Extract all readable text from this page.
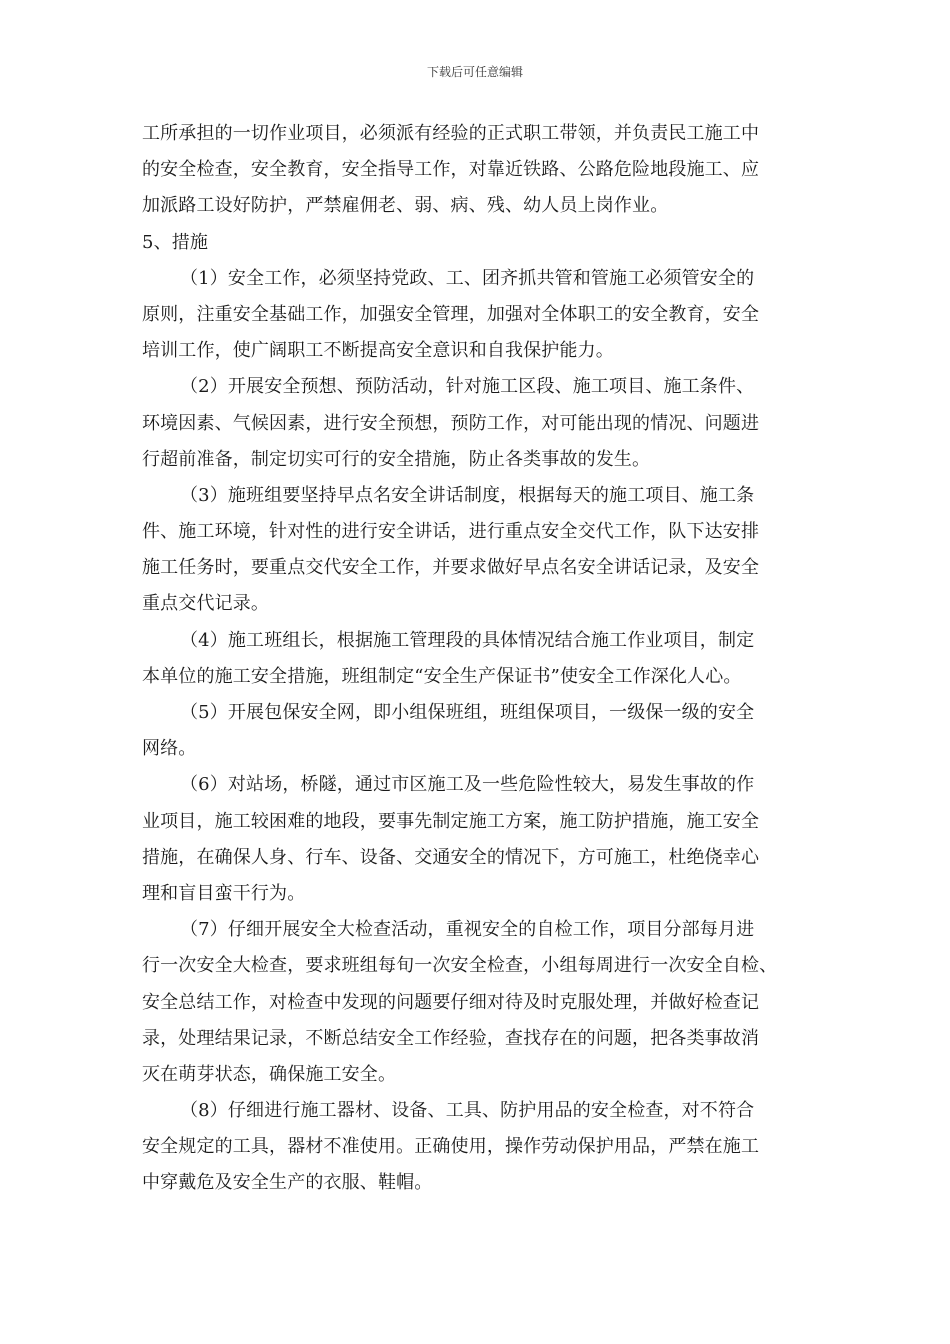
下载后可任意编辑
工所承担的一切作业项目，必须派有经验的正式职工带领，并负责民工施工中
的安全检查，安全教育，安全指导工作，对靠近铁路、公路危险地段施工、应
加派路工设好防护，严禁雇佣老、弱、病、残、幼人员上岗作业。
5、措施
（1）安全工作，必须坚持党政、工、团齐抓共管和管施工必须管安全的
原则，注重安全基础工作，加强安全管理，加强对全体职工的安全教育，安全
培训工作，使广阔职工不断提高安全意识和自我保护能力。
（2）开展安全预想、预防活动，针对施工区段、施工项目、施工条件、
环境因素、气候因素，进行安全预想，预防工作，对可能出现的情况、问题进
行超前准备，制定切实可行的安全措施，防止各类事故的发生。
（3）施班组要坚持早点名安全讲话制度，根据每天的施工项目、施工条
件、施工环境，针对性的进行安全讲话，进行重点安全交代工作，队下达安排
施工任务时，要重点交代安全工作，并要求做好早点名安全讲话记录，及安全
重点交代记录。
（4）施工班组长，根据施工管理段的具体情况结合施工作业项目，制定
本单位的施工安全措施，班组制定“安全生产保证书”使安全工作深化人心。
（5）开展包保安全网，即小组保班组，班组保项目，一级保一级的安全
网络。
（6）对站场，桥隧，通过市区施工及一些危险性较大，易发生事故的作
业项目，施工较困难的地段，要事先制定施工方案，施工防护措施，施工安全
措施，在确保人身、行车、设备、交通安全的情况下，方可施工，杜绝侥幸心
理和盲目蛮干行为。
（7）仔细开展安全大检查活动，重视安全的自检工作，项目分部每月进
行一次安全大检查，要求班组每旬一次安全检查，小组每周进行一次安全自检、
安全总结工作，对检查中发现的问题要仔细对待及时克服处理，并做好检查记
录，处理结果记录，不断总结安全工作经验，查找存在的问题，把各类事故消
灭在萌芽状态，确保施工安全。
（8）仔细进行施工器材、设备、工具、防护用品的安全检查，对不符合
安全规定的工具，器材不准使用。正确使用，操作劳动保护用品，严禁在施工
中穿戴危及安全生产的衣服、鞋帽。
